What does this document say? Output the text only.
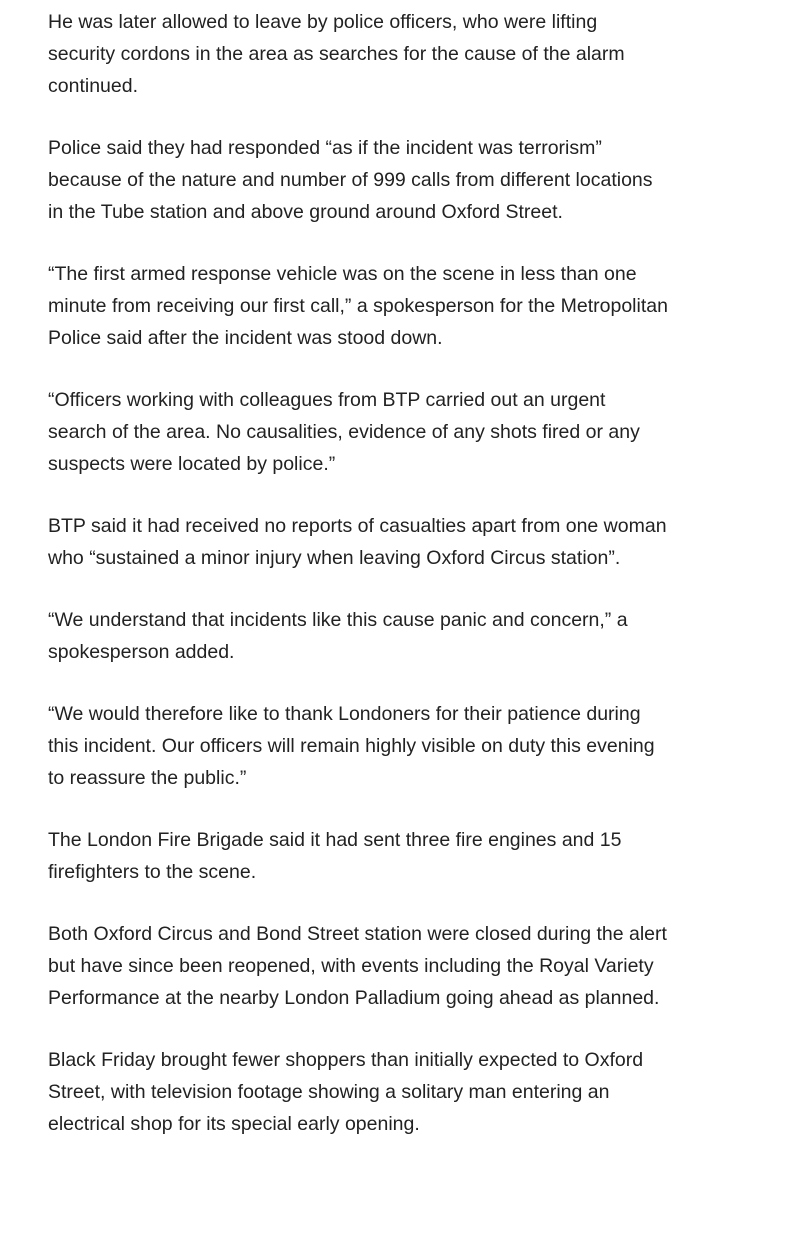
He was later allowed to leave by police officers, who were lifting security cordons in the area as searches for the cause of the alarm continued.

Police said they had responded “as if the incident was terrorism” because of the nature and number of 999 calls from different locations in the Tube station and above ground around Oxford Street.

“The first armed response vehicle was on the scene in less than one minute from receiving our first call,” a spokesperson for the Metropolitan Police said after the incident was stood down.

“Officers working with colleagues from BTP carried out an urgent search of the area. No causalities, evidence of any shots fired or any suspects were located by police.”

BTP said it had received no reports of casualties apart from one woman who “sustained a minor injury when leaving Oxford Circus station”.

“We understand that incidents like this cause panic and concern,” a spokesperson added.

“We would therefore like to thank Londoners for their patience during this incident. Our officers will remain highly visible on duty this evening to reassure the public.”

The London Fire Brigade said it had sent three fire engines and 15 firefighters to the scene.

Both Oxford Circus and Bond Street station were closed during the alert but have since been reopened, with events including the Royal Variety Performance at the nearby London Palladium going ahead as planned.

Black Friday brought fewer shoppers than initially expected to Oxford Street, with television footage showing a solitary man entering an electrical shop for its special early opening.
